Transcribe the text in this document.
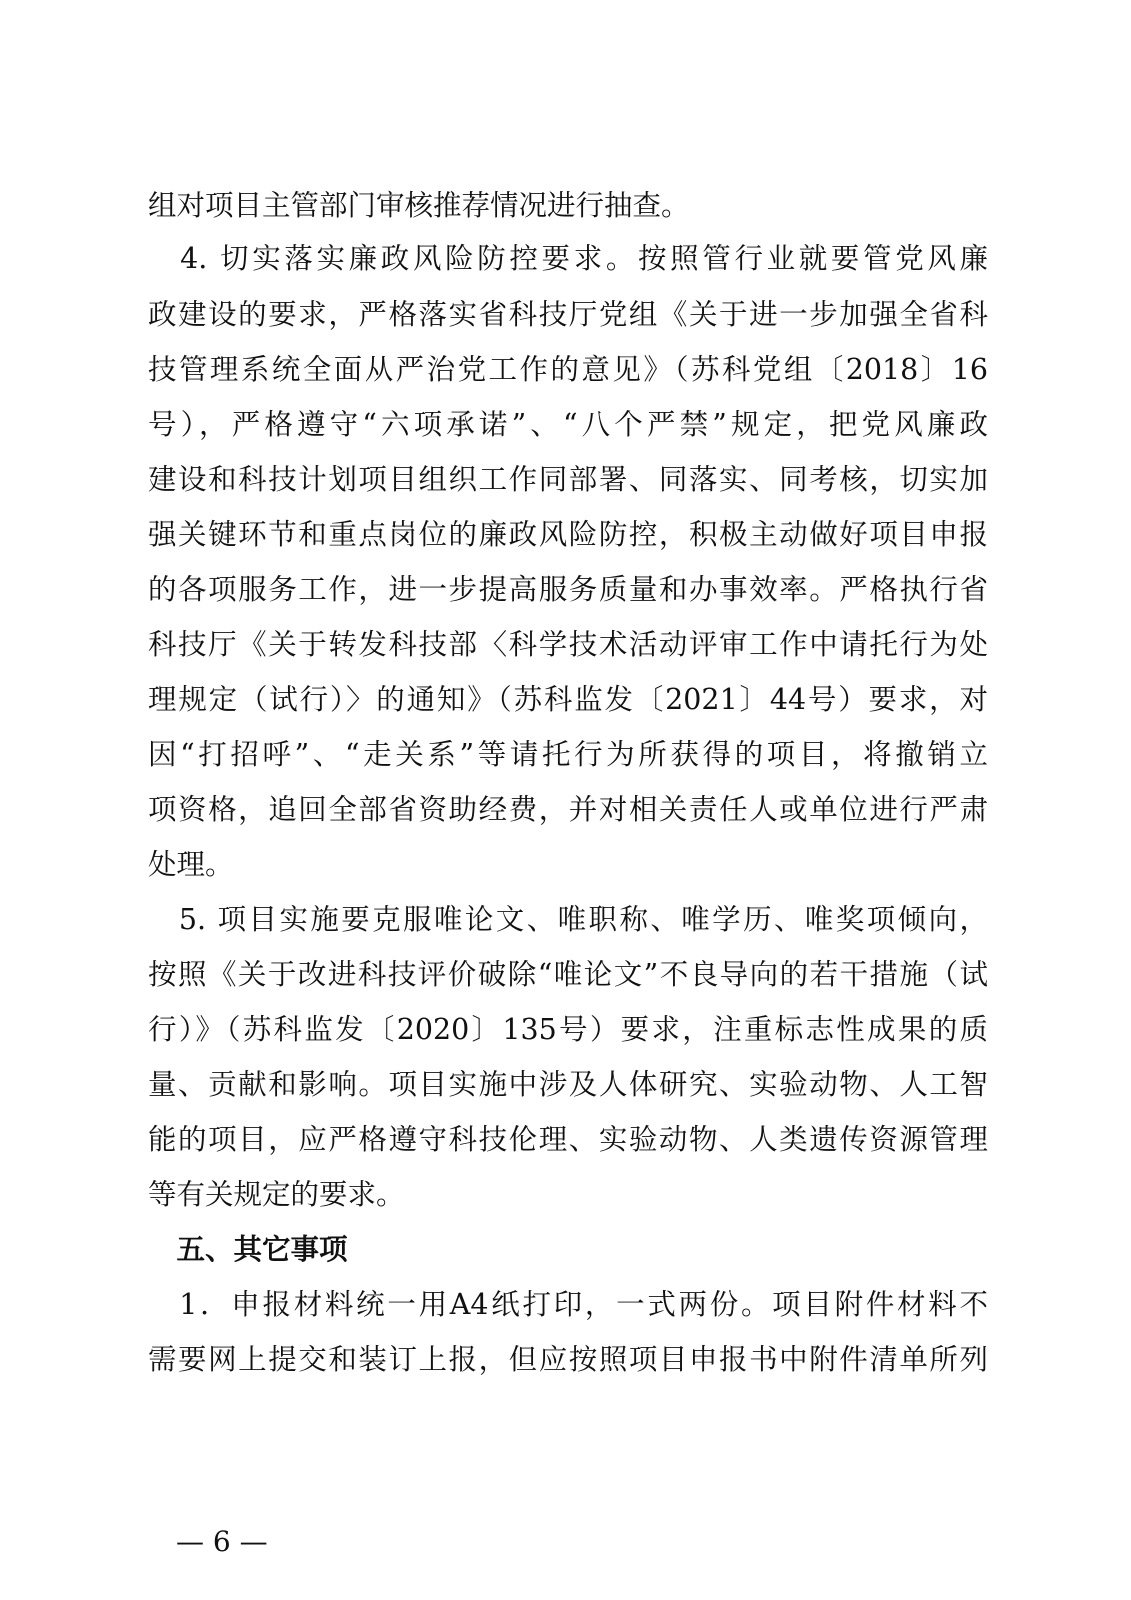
组对项目主管部门审核推荐情况进行抽查。
　4. 切实落实廉政风险防控要求。按照管行业就要管党风廉
政建设的要求，严格落实省科技厅党组《关于进一步加强全省科
技管理系统全面从严治党工作的意见》（苏科党组〔2018〕16
号），严格遵守“六项承诺”、“八个严禁”规定，把党风廉政
建设和科技计划项目组织工作同部署、同落实、同考核，切实加
强关键环节和重点岗位的廉政风险防控，积极主动做好项目申报
的各项服务工作，进一步提高服务质量和办事效率。严格执行省
科技厅《关于转发科技部〈科学技术活动评审工作中请托行为处
理规定（试行）〉的通知》（苏科监发〔2021〕44号）要求，对
因“打招呼”、“走关系”等请托行为所获得的项目，将撤销立
项资格，追回全部省资助经费，并对相关责任人或单位进行严肃
处理。
　5. 项目实施要克服唯论文、唯职称、唯学历、唯奖项倾向，
按照《关于改进科技评价破除“唯论文”不良导向的若干措施（试
行）》（苏科监发〔2020〕135号）要求，注重标志性成果的质
量、贡献和影响。项目实施中涉及人体研究、实验动物、人工智
能的项目，应严格遵守科技伦理、实验动物、人类遗传资源管理
等有关规定的要求。
　五、其它事项
　1．申报材料统一用A4纸打印，一式两份。项目附件材料不
需要网上提交和装订上报，但应按照项目申报书中附件清单所列
— 6 —
